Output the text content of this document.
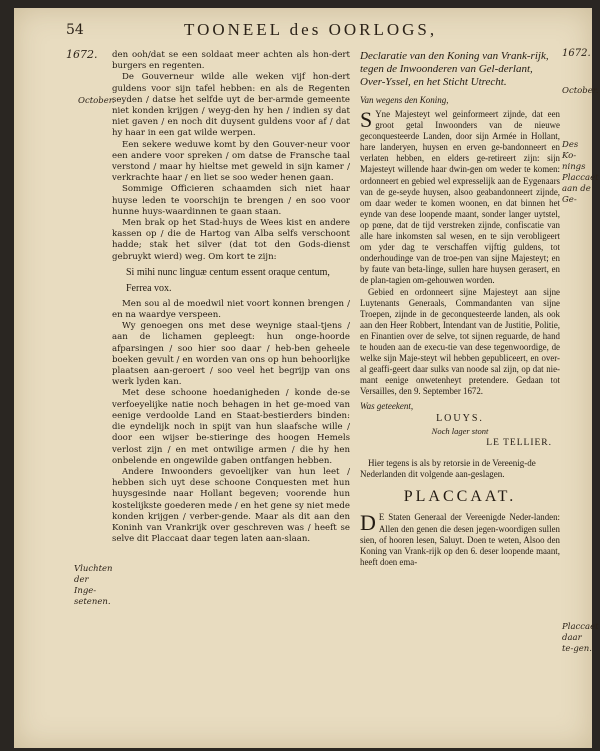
54	TOONEEL des OORLOGS,
1672.	1672.
October.
October.
Vluchten der Inge-setenen.
Des Ko-nings Placcaet aan de Ge-
Placcaet daar te-gen.

den ooh/dat se een soldaat meer achten als hon-dert burgers en regenten.

De Gouverneur wilde alle weken vijf hon-dert guldens voor sijn tafel hebben: en als de Regenten seyden / datse het selfde uyt de ber-armde gemeente niet konden krijgen / weyg-den hy hen / indien sy dat niet gaven / en noch dit duysent guldens voor af / dat hy haar in een gat wilde werpen.

Een sekere weduwe komt by den Gouver-neur voor een andere voor spreken / om datse de Fransche taal verstond / maar hy hieltse met geweld in sijn kamer / verkrachte haar / en liet se soo weder henen gaan.

Sommige Officieren schaamden sich niet haar huyse leden te voorschijn te brengen / en soo voor hunne huys-waardinnen te gaan staan.

Men brak op het Stad-huys de Wees kist en andere kassen op / die de Hartog van Alba selfs verschoont hadde; stak het silver (dat tot den Gods-dienst gebruykt wierd) weg. Om kort te zijn:

Si mihi nunc linguæ centum essent oraque centum,

Ferrea vox.

Men sou al de moedwil niet voort konnen brengen / en na waardye verspeen.

Wy genoegen ons met dese weynige staal-tjens / aan de lichamen gepleegt: hun onge-hoorde afparsingen / soo hier soo daar / heb-ben geheele boeken gevult / en worden van ons op hun behoorlijke plaatsen aan-geroert / soo veel het begrijp van ons werk lyden kan.

Met dese schoone hoedanigheden / konde de-se verfoeyelijke natie noch behagen in het ge-moed van eenige verdoolde Land en Staat-bestierders binden: die eyndelijk noch in spijt van hun slaafsche wille / door een wijser be-stieringe des hoogen Hemels verlost zijn / en met ontwilige armen / die hy hen onbelende en ongewilde gaben ontfangen hebben.

Andere Inwoonders gevoelijker van hun leet / hebben sich uyt dese schoone Conquesten met hun huysgesinde naar Hollant begeven; voorende hun kostelijkste goederen mede / en het gene sy niet mede konden krijgen / verber-gende. Maar als dit aan den Koninh van Vrankrijk over geschreven was / heeft se selve dit Placcaat daar tegen laten aan-slaan.

Declaratie van den Koning van Vrank-rijk, tegen de Inwoonderen van Gel-derlant, Over-Yssel, en het Sticht Utrecht.

Van wegens den Koning,

S Yne Majesteyt wel geinformeert zijnde, dat een groot getal Inwoonders van de nieuwe geconquesteerde Landen, door sijn Armée in Hollant, hare landeryen, huysen en erven ge-bandonneert en verlaten hebben, en elders ge-retireert zijn: sijn Majesteyt willende haar dwin-gen om weder te komen: ordonneert en gebied wel expresselijk aan de Eygenaars van de ge-seyde huysen, alsoo geabandonneert zijnde, om daar weder te komen woonen, en dat binnen het eynde van dese loopende maant, sonder langer uytstel, op pœne, dat de tijd verstreken zijnde, confiscatie van alle hare inkomsten sal wesen, en te sijn verobligeert om yder dag te verschaffen vijftig guldens, tot onderhoudinge van de troe-pen van sijne Majesteyt; en by faute van beta-linge, sullen hare huysen gerasert, en de plan-tagien om-gehouwen worden.

Gebied en ordonneert sijne Majesteyt aan sijne Luytenants Generaals, Commandanten van sijne Troepen, zijnde in de geconquesteerde landen, als ook aan den Heer Robbert, Intendant van de Justitie, Politie, en Finantien over de selve, tot sijnen reguarde, de hand te houden aan de execu-tie van dese tegenwoordige, de welke sijn Maje-steyt wil hebben gepubliceert, en over-al geaffi-geert daar sulks van noode sal zijn, op dat nie-mant eenige onwetenheyt pretendere. Gedaan tot Versailles, den 9. September 1672.

Was geteekent,

LOUYS.

Noch lager stont

LE TELLIER.

Hier tegens is als by retorsie in de Vereenig-de Nederlanden dit volgende aan-geslagen.

PLACCAAT.

D E Staten Generaal der Vereenigde Neder-landen: Allen den genen die desen jegen-woordigen sullen sien, of hooren lesen, Saluyt. Doen te weten, Alsoo den Koning van Vrank-rijk op den 6. deser loopende maant, heeft doen ema-
